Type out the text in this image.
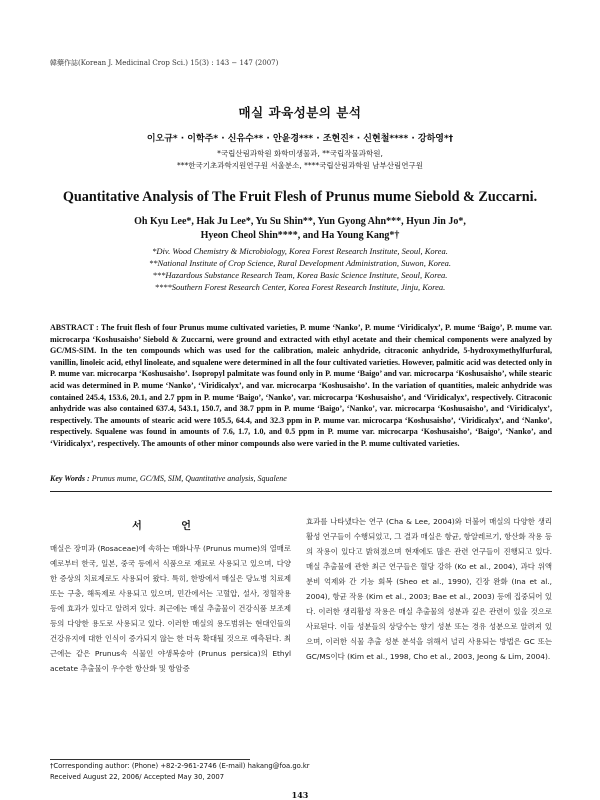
韓藥作誌(Korean J. Medicinal Crop Sci.) 15(3) : 143 − 147 (2007)
매실 과육성분의 분석
이오규* · 이학주* · 신유수** · 안윤경*** · 조현진* · 신현철**** · 강하영*†
*국립산림과학원 화학미생물과, **국립작물과학원,
***한국기초과학지원연구원 서울분소, ****국립산림과학원 남부산림연구원
Quantitative Analysis of The Fruit Flesh of Prunus mume Siebold & Zuccarni.
Oh Kyu Lee*, Hak Ju Lee*, Yu Su Shin**, Yun Gyong Ahn***, Hyun Jin Jo*,
Hyeon Cheol Shin****, and Ha Young Kang*†
*Div. Wood Chemistry & Microbiology, Korea Forest Research Institute, Seoul, Korea.
**National Institute of Crop Science, Rural Development Administration, Suwon, Korea.
***Hazardous Substance Research Team, Korea Basic Science Institute, Seoul, Korea.
****Southern Forest Research Center, Korea Forest Research Institute, Jinju, Korea.
ABSTRACT : The fruit flesh of four Prunus mume cultivated varieties, P. mume ‘Nanko’, P. mume ‘Viridicalyx’, P. mume ‘Baigo’, P. mume var. microcarpa ‘Koshusaisho’ Siebold & Zuccarni, were ground and extracted with ethyl acetate and their chemical components were analyzed by GC/MS-SIM. In the ten compounds which was used for the calibration, maleic anhydride, citraconic anhydride, 5-hydroxymethylfurfural, vanillin, linoleic acid, ethyl linoleate, and squalene were determined in all the four cultivated varieties. However, palmitic acid was detected only in P. mume var. microcarpa ‘Koshusaisho’. Isopropyl palmitate was found only in P. mume ‘Baigo’ and var. microcarpa ‘Koshusaisho’, while stearic acid was determined in P. mume ‘Nanko’, ‘Viridicalyx’, and var. microcarpa ‘Koshusaisho’. In the variation of quantities, maleic anhydride was contained 245.4, 153.6, 20.1, and 2.7 ppm in P. mume ‘Baigo’, ‘Nanko’, var. microcarpa ‘Koshusaisho’, and ‘Viridicalyx’, respectively. Citraconic anhydride was also contained 637.4, 543.1, 150.7, and 38.7 ppm in P. mume ‘Baigo’, ‘Nanko’, var. microcarpa ‘Koshusaisho’, and ‘Viridicalyx’, respectively. The amounts of stearic acid were 105.5, 64.4, and 32.3 ppm in P. mume var. microcarpa ‘Koshusaisho’, ‘Viridicalyx’, and ‘Nanko’, respectively. Squalene was found in amounts of 7.6, 1.7, 1.0, and 0.5 ppm in P. mume var. microcarpa ‘Koshusaisho’, ‘Baigo’, ‘Nanko’, and ‘Viridicalyx’, respectively. The amounts of other minor compounds also were varied in the P. mume cultivated varieties.
Key Words : Prunus mume, GC/MS, SIM, Quantitative analysis, Squalene
서 언
매실은 장미과 (Rosaceae)에 속하는 매화나무 (Prunus mume)의 열매로 예로부터 한국, 일본, 중국 등에서 식품으로 재료로 사용되고 있으며, 다양한 증상의 치료제로도 사용되어 왔다. 특히, 한방에서 매실은 당뇨병 치료제 또는 구충, 해독제로 사용되고 있으며, 민간에서는 고혈압, 설사, 정혈작용 등에 효과가 있다고 알려져 있다. 최근에는 매실 추출물이 건강식품 보조제 등의 다양한 용도로 사용되고 있다. 이러한 매실의 용도범위는 현대인들의 건강유지에 대한 인식이 증가되지 않는 한 더욱 확대될 것으로 예측된다. 최근에는 같은 Prunus속 식물인 야생복숭아 (Prunus persica)의 Ethyl acetate 추출물이 우수한 항산화 및 항암증
효과를 나타냈다는 연구 (Cha & Lee, 2004)와 더불어 매실의 다양한 생리활성 연구들이 수행되었고, 그 결과 매실은 항균, 항알레르기, 항산화 작용 등의 작용이 있다고 밝혀졌으며 현재에도 많은 관련 연구들이 진행되고 있다. 매실 추출물에 관한 최근 연구들은 혈당 강하 (Ko et al., 2004), 과다 위액 분비 억제와 간 기능 회복 (Sheo et al., 1990), 긴장 완화 (Ina et al., 2004), 항균 작용 (Kim et al., 2003; Bae et al., 2003) 등에 집중되어 있다. 이러한 생리활성 작용은 매실 추출물의 성분과 깊은 관련이 있을 것으로 사료된다. 이들 성분들의 상당수는 향기 성분 또는 경유 성분으로 알려져 있으며, 이러한 식물 추출 성분 분석을 위해서 널리 사용되는 방법은 GC 또는 GC/MS이다 (Kim et al., 1998, Cho et al., 2003, Jeong & Lim, 2004).
†Corresponding author: (Phone) +82-2-961-2746 (E-mail) hakang@foa.go.kr
Received August 22, 2006/ Accepted May 30, 2007
143
